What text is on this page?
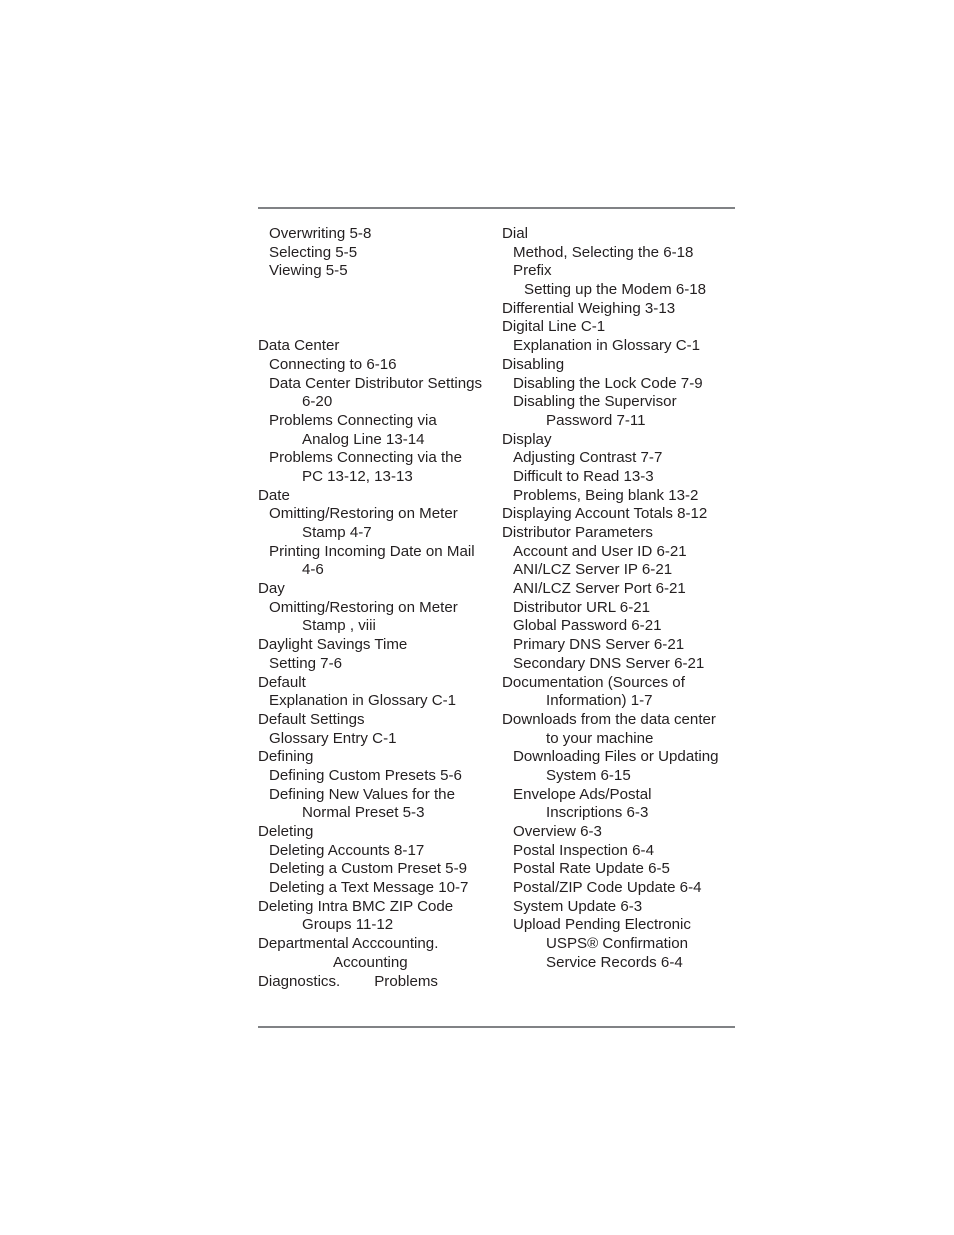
Overwriting 5-8
Selecting 5-5
Viewing 5-5
Data Center
Connecting to 6-16
Data Center Distributor Settings
6-20
Problems Connecting via
Analog Line 13-14
Problems Connecting via the
PC 13-12, 13-13
Date
Omitting/Restoring on Meter
Stamp 4-7
Printing Incoming Date on Mail
4-6
Day
Omitting/Restoring on Meter
Stamp , viii
Daylight Savings Time
Setting 7-6
Default
Explanation in Glossary C-1
Default Settings
Glossary Entry C-1
Defining
Defining Custom Presets 5-6
Defining New Values for the
Normal Preset 5-3
Deleting
Deleting Accounts 8-17
Deleting a Custom Preset 5-9
Deleting a Text Message 10-7
Deleting Intra BMC ZIP Code
Groups 11-12
Departmental Acccounting.
Accounting
Diagnostics. Problems
Dial
Method, Selecting the 6-18
Prefix
Setting up the Modem 6-18
Differential Weighing 3-13
Digital Line C-1
Explanation in Glossary C-1
Disabling
Disabling the Lock Code 7-9
Disabling the Supervisor
Password 7-11
Display
Adjusting Contrast 7-7
Difficult to Read 13-3
Problems, Being blank 13-2
Displaying Account Totals 8-12
Distributor Parameters
Account and User ID 6-21
ANI/LCZ Server IP 6-21
ANI/LCZ Server Port 6-21
Distributor URL 6-21
Global Password 6-21
Primary DNS Server 6-21
Secondary DNS Server 6-21
Documentation (Sources of
Information) 1-7
Downloads from the data center
to your machine
Downloading Files or Updating
System 6-15
Envelope Ads/Postal
Inscriptions 6-3
Overview 6-3
Postal Inspection 6-4
Postal Rate Update 6-5
Postal/ZIP Code Update 6-4
System Update 6-3
Upload Pending Electronic
USPS® Confirmation
Service Records 6-4
